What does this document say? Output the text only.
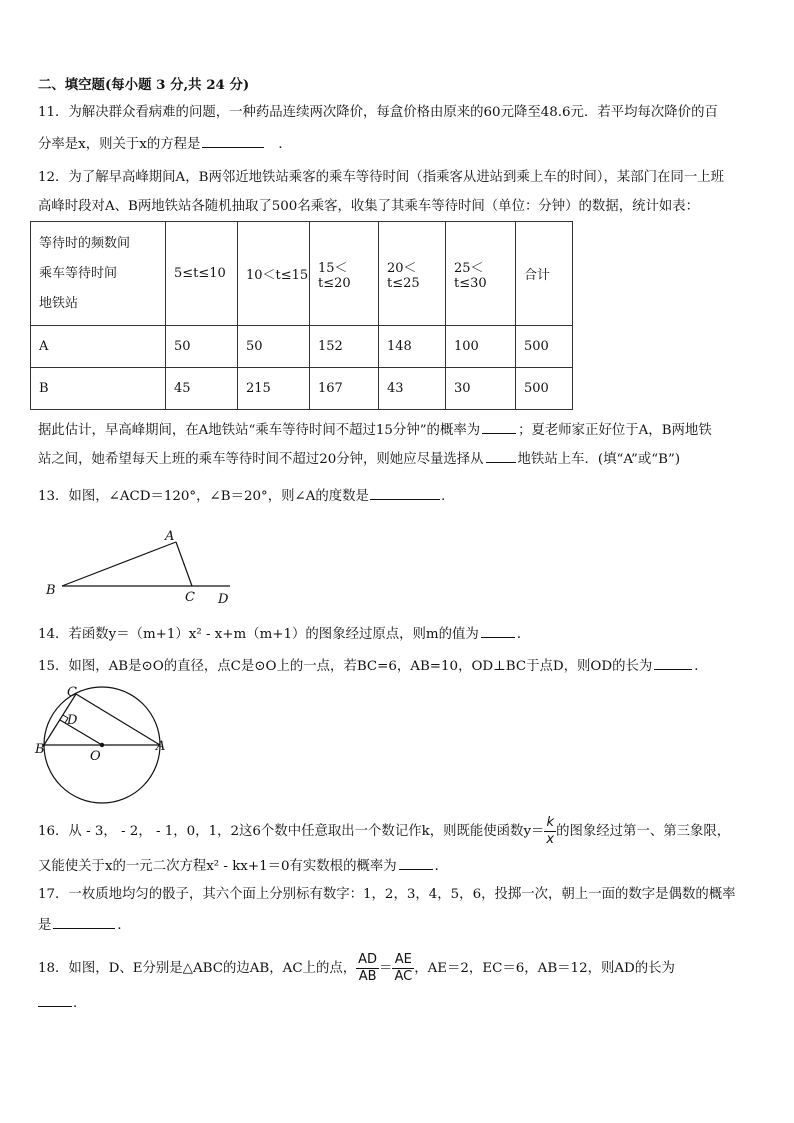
二、填空题(每小题 3 分,共 24 分)
11．为解决群众看病难的问题，一种药品连续两次降价，每盒价格由原来的60元降至48.6元．若平均每次降价的百
分率是x，则关于x的方程是	．
12．为了解早高峰期间A，B两邻近地铁站乘客的乘车等待时间（指乘客从进站到乘上车的时间），某部门在同一上班
高峰时段对A、B两地铁站各随机抽取了500名乘客，收集了其乘车等待时间（单位：分钟）的数据，统计如表：
等待时的频数间
乘车等待时间
地铁站	5≤t≤10	10＜t≤15	15＜t≤20	20＜t≤25	25＜t≤30	合计
A	50	50	152	148	100	500
B	45	215	167	43	30	500
据此估计，早高峰期间，在A地铁站“乘车等待时间不超过15分钟”的概率为	；夏老师家正好位于A，B两地铁
站之间，她希望每天上班的乘车等待时间不超过20分钟，则她应尽量选择从	地铁站上车．(填“A”或“B”)
13．如图，∠ACD＝120°，∠B＝20°，则∠A的度数是	.
A
B	C D
14．若函数y＝（m+1）x² - x+m（m+1）的图象经过原点，则m的值为	．
15．如图，AB是⊙O的直径，点C是⊙O上的一点，若BC=6，AB=10，OD⊥BC于点D，则OD的长为	．
C
D
B	A
O
16．从 - 3， - 2， - 1，0，1，2这6个数中任意取出一个数记作k，则既能使函数$y= \frac{k}{x}$ 的图象经过第一、第三象限，
又能使关于x的一元二次方程x² - kx+1＝0有实数根的概率为	．
17．一枚质地均匀的骰子，其六个面上分别标有数字：1，2，3，4，5，6，投掷一次，朝上一面的数字是偶数的概率
是	．
18．如图，D、E分别是△ABC的边AB，AC上的点， $\frac{AD}{AB} = \frac{AE}{AC}$ ，AE＝2，EC＝6，AB＝12，则AD的长为
．
